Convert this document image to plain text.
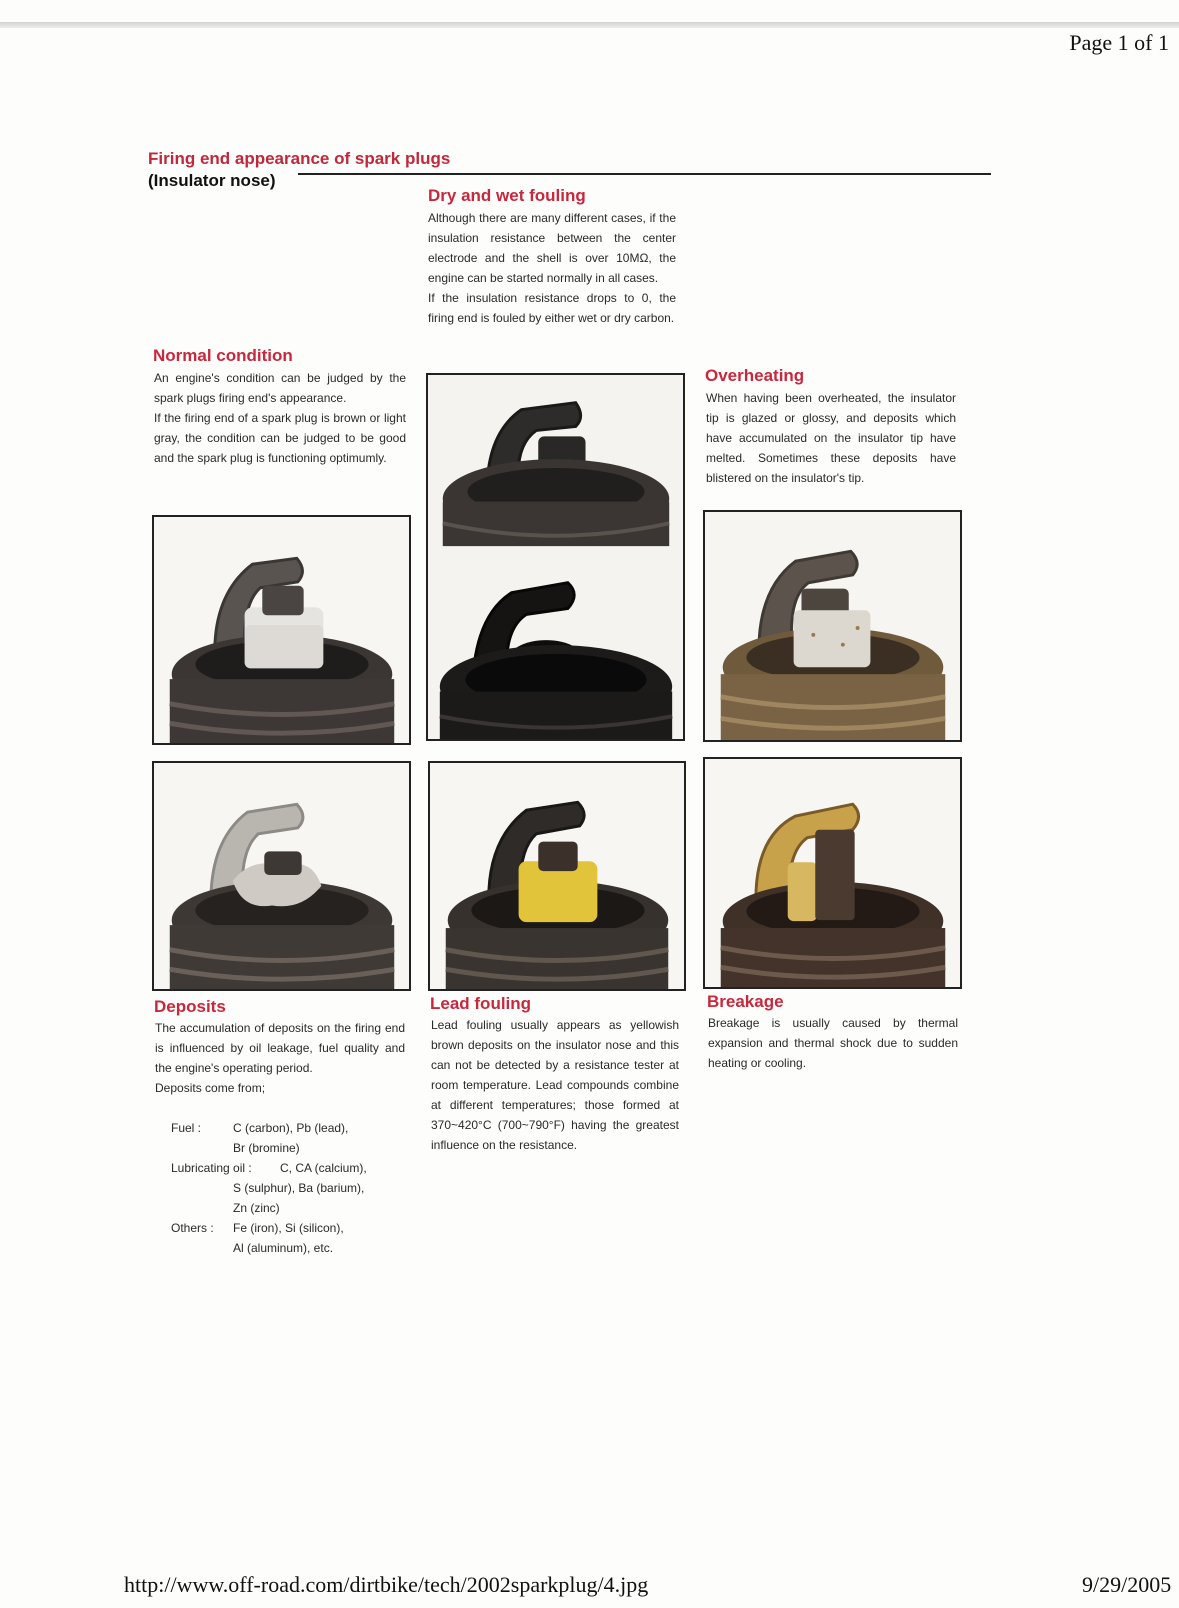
Page 1 of 1
Firing end appearance of spark plugs
(Insulator nose)
Dry and wet fouling

Although there are many different cases, if the insulation resistance between the center electrode and the shell is over 10MΩ, the engine can be started normally in all cases.

If the insulation resistance drops to 0, the firing end is fouled by either wet or dry carbon.

Normal condition

An engine's condition can be judged by the spark plugs firing end's appearance.

If the firing end of a spark plug is brown or light gray, the condition can be judged to be good and the spark plug is functioning optimumly.

Overheating

When having been overheated, the insulator tip is glazed or glossy, and deposits which have accumulated on the insulator tip have melted. Sometimes these deposits have blistered on the insulator's tip.

Deposits

The accumulation of deposits on the firing end is influenced by oil leakage, fuel quality and the engine's operating period.

Deposits come from;

Fuel :	C (carbon), Pb (lead),
Br (bromine)
Lubricating oil : C, CA (calcium),
S (sulphur), Ba (barium),
Zn (zinc)
Others : Fe (iron), Si (silicon),
Al (aluminum), etc.
Lead fouling

Lead fouling usually appears as yellowish brown deposits on the insulator nose and this can not be detected by a resistance tester at room temperature. Lead compounds combine at different temperatures; those formed at 370~420°C (700~790°F) having the greatest influence on the resistance.

Breakage

Breakage is usually caused by thermal expansion and thermal shock due to sudden heating or cooling.

http://www.off-road.com/dirtbike/tech/2002sparkplug/4.jpg	9/29/2005
